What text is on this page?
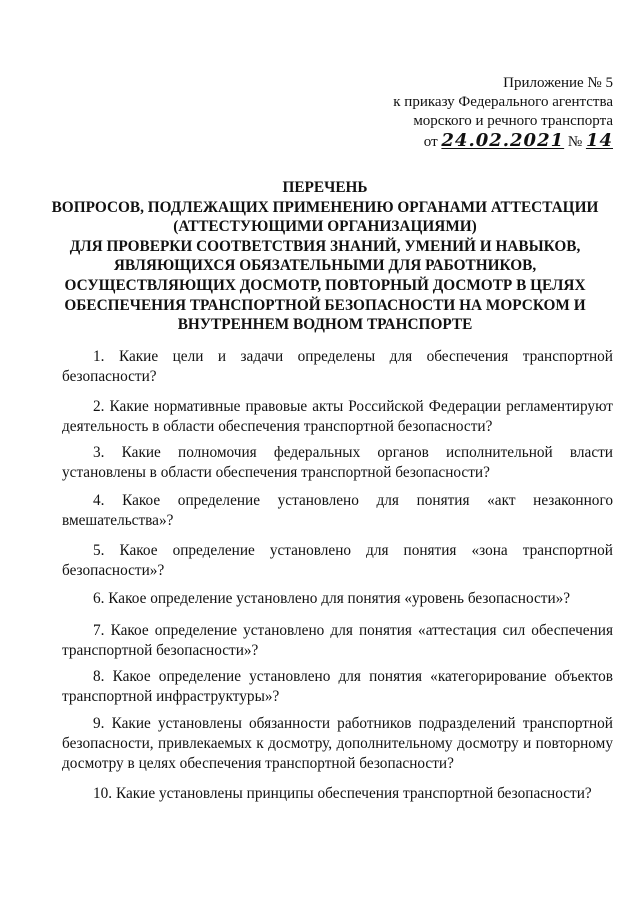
Приложение № 5
к приказу Федерального агентства
морского и речного транспорта
от 24.02.2021 № 14
ПЕРЕЧЕНЬ
ВОПРОСОВ, ПОДЛЕЖАЩИХ ПРИМЕНЕНИЮ ОРГАНАМИ АТТЕСТАЦИИ
(АТТЕСТУЮЩИМИ ОРГАНИЗАЦИЯМИ)
ДЛЯ ПРОВЕРКИ СООТВЕТСТВИЯ ЗНАНИЙ, УМЕНИЙ И НАВЫКОВ,
ЯВЛЯЮЩИХСЯ ОБЯЗАТЕЛЬНЫМИ ДЛЯ РАБОТНИКОВ,
ОСУЩЕСТВЛЯЮЩИХ ДОСМОТР, ПОВТОРНЫЙ ДОСМОТР В ЦЕЛЯХ
ОБЕСПЕЧЕНИЯ ТРАНСПОРТНОЙ БЕЗОПАСНОСТИ НА МОРСКОМ И
ВНУТРЕННЕМ ВОДНОМ ТРАНСПОРТЕ

1. Какие цели и задачи определены для обеспечения транспортной безопасности?

2. Какие нормативные правовые акты Российской Федерации регламентируют деятельность в области обеспечения транспортной безопасности?

3. Какие полномочия федеральных органов исполнительной власти установлены в области обеспечения транспортной безопасности?

4. Какое определение установлено для понятия «акт незаконного вмешательства»?

5. Какое определение установлено для понятия «зона транспортной безопасности»?

6. Какое определение установлено для понятия «уровень безопасности»?

7. Какое определение установлено для понятия «аттестация сил обеспечения транспортной безопасности»?

8. Какое определение установлено для понятия «категорирование объектов транспортной инфраструктуры»?

9. Какие установлены обязанности работников подразделений транспортной безопасности, привлекаемых к досмотру, дополнительному досмотру и повторному досмотру в целях обеспечения транспортной безопасности?

10. Какие установлены принципы обеспечения транспортной безопасности?
